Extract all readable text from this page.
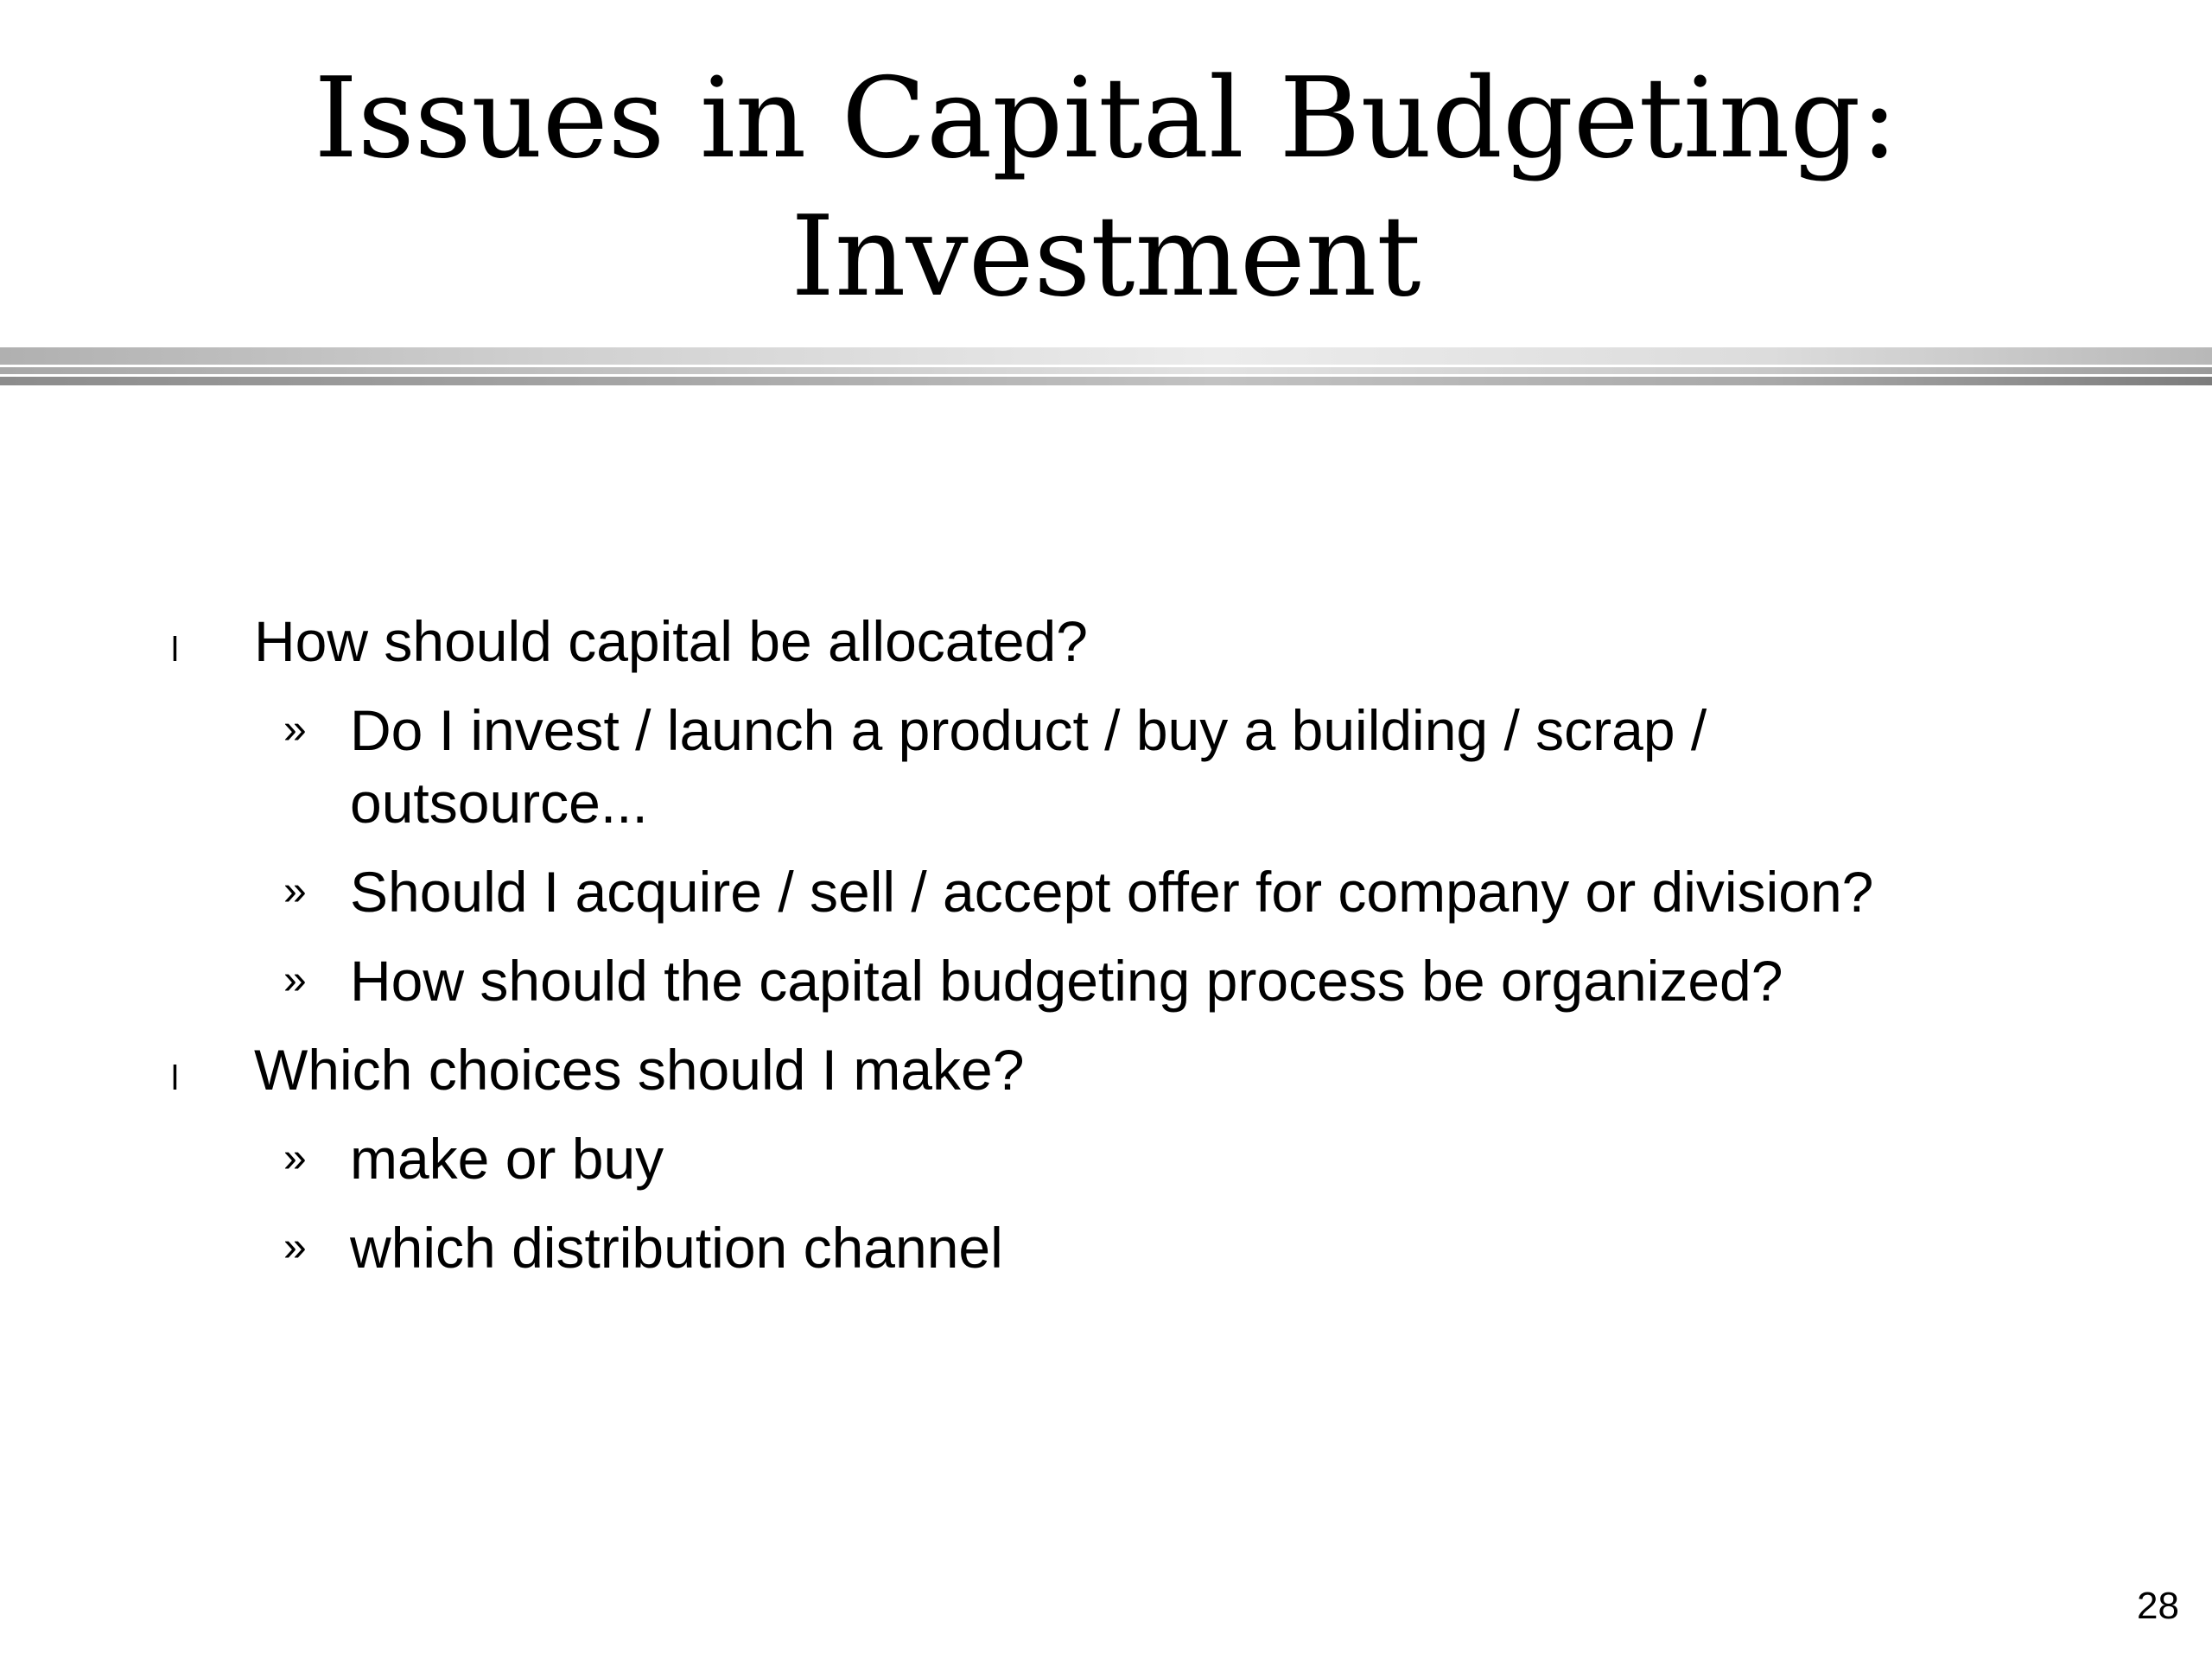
Issues in Capital Budgeting:
Investment
l How should capital be allocated?
» Do I invest / launch a product / buy a building / scrap / outsource...
» Should I acquire / sell / accept offer for company or division?
» How should the capital budgeting process be organized?
l Which choices should I make?
» make or buy
» which distribution channel
28
